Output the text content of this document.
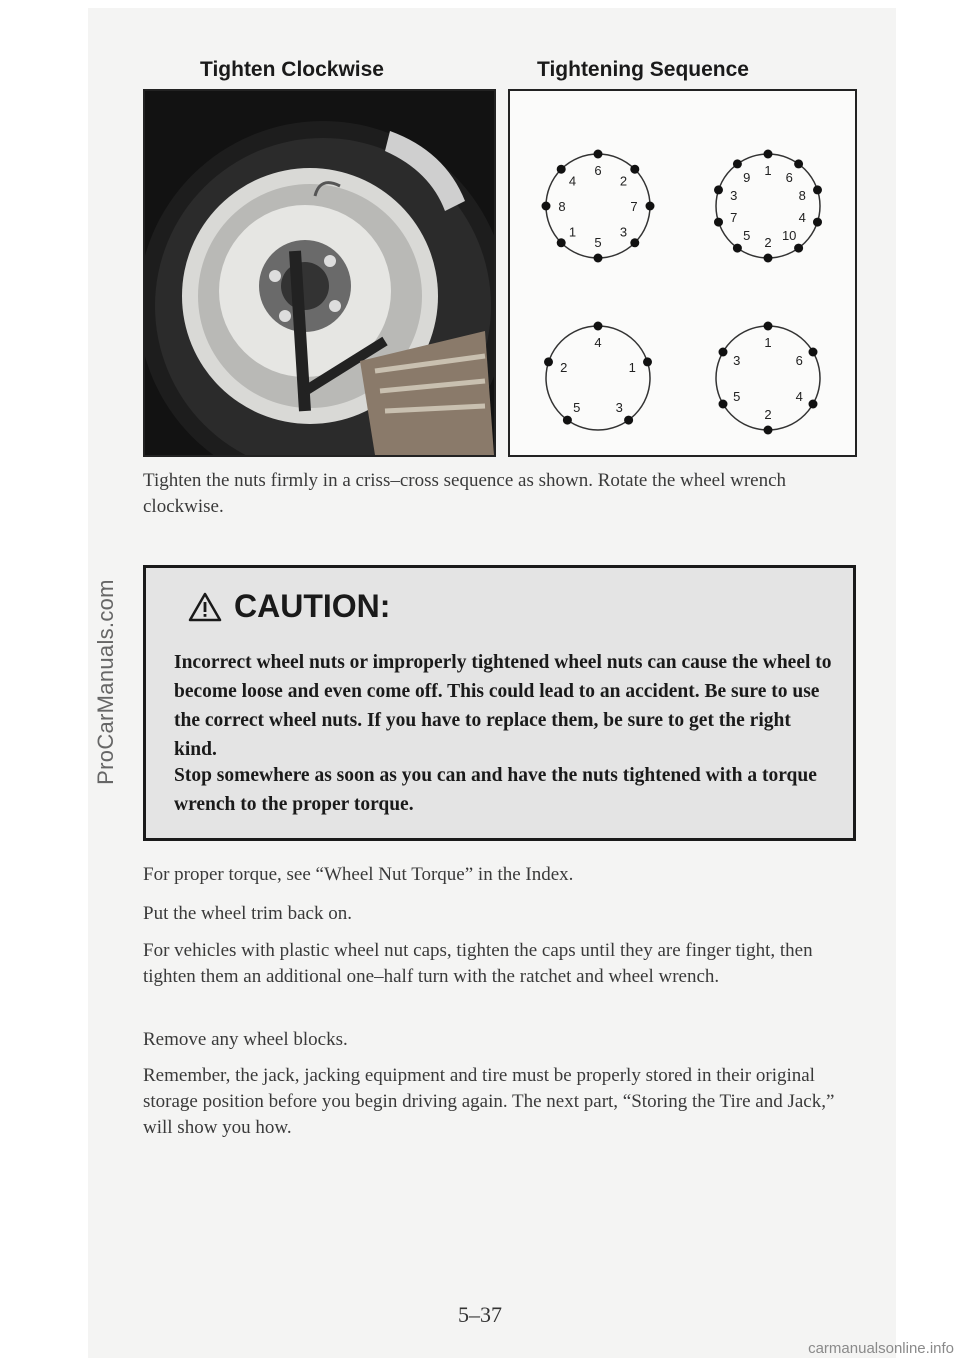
ProCarManuals.com
Tighten Clockwise	Tightening Sequence
6
2
7
3
5
1
8
4
1 6
8
4
10
2
5
7
3
9
4
1
3
5
2
1
6
4
2
5
3
Tighten the nuts firmly in a criss–cross sequence as shown. Rotate the wheel wrench clockwise.
CAUTION:
Incorrect wheel nuts or improperly tightened wheel nuts can cause the wheel to become loose and even come off. This could lead to an accident. Be sure to use the correct wheel nuts. If you have to replace them, be sure to get the right kind.
Stop somewhere as soon as you can and have the nuts tightened with a torque wrench to the proper torque.
For proper torque, see “Wheel Nut Torque” in the Index.
Put the wheel trim back on.
For vehicles with plastic wheel nut caps, tighten the caps until they are finger tight, then tighten them an additional one–half turn with the ratchet and wheel wrench.
Remove any wheel blocks.
Remember, the jack, jacking equipment and tire must be properly stored in their original storage position before you begin driving again. The next part, “Storing the Tire and Jack,” will show you how.
5–37
carmanualsonline.info
